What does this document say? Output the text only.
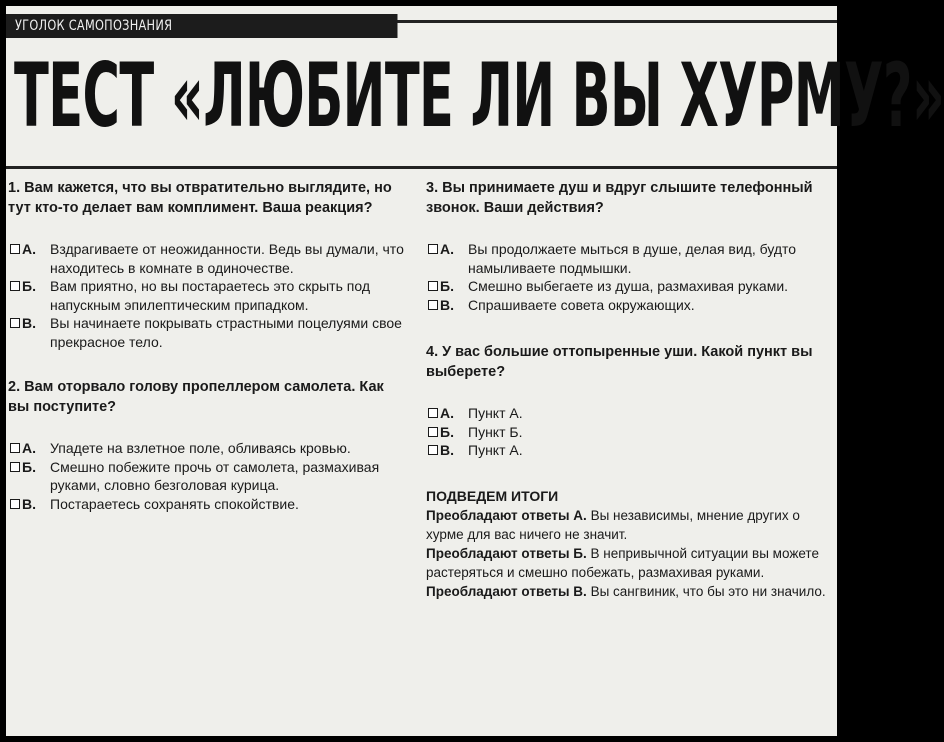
УГОЛОК САМОПОЗНАНИЯ
ТЕСТ «ЛЮБИТЕ ЛИ ВЫ ХУРМУ?»

1. Вам кажется, что вы отвратительно выглядите, но тут кто-то делает вам комплимент. Ваша реакция?

А. Вздрагиваете от неожиданности. Ведь вы думали, что находитесь в комнате в одиночестве.

Б. Вам приятно, но вы постараетесь это скрыть под напускным эпилептическим припадком.

В. Вы начинаете покрывать страстными поцелуями свое прекрасное тело.

2. Вам оторвало голову пропеллером самолета. Как вы поступите?

А. Упадете на взлетное поле, обливаясь кровью.

Б. Смешно побежите прочь от самолета, размахивая руками, словно безголовая курица.

В. Постараетесь сохранять спокойствие.

3. Вы принимаете душ и вдруг слышите телефонный звонок. Ваши действия?

А. Вы продолжаете мыться в душе, делая вид, будто намыливаете подмышки.

Б. Смешно выбегаете из душа, размахивая руками.

В. Спрашиваете совета окружающих.

4. У вас большие оттопыренные уши. Какой пункт вы выберете?

А. Пункт А.

Б. Пункт Б.

В. Пункт А.

ПОДВЕДЕМ ИТОГИ

Преобладают ответы А. Вы независимы, мнение других о хурме для вас ничего не значит.

Преобладают ответы Б. В непривычной ситуации вы можете растеряться и смешно побежать, размахивая руками.

Преобладают ответы В. Вы сангвиник, что бы это ни значило.
